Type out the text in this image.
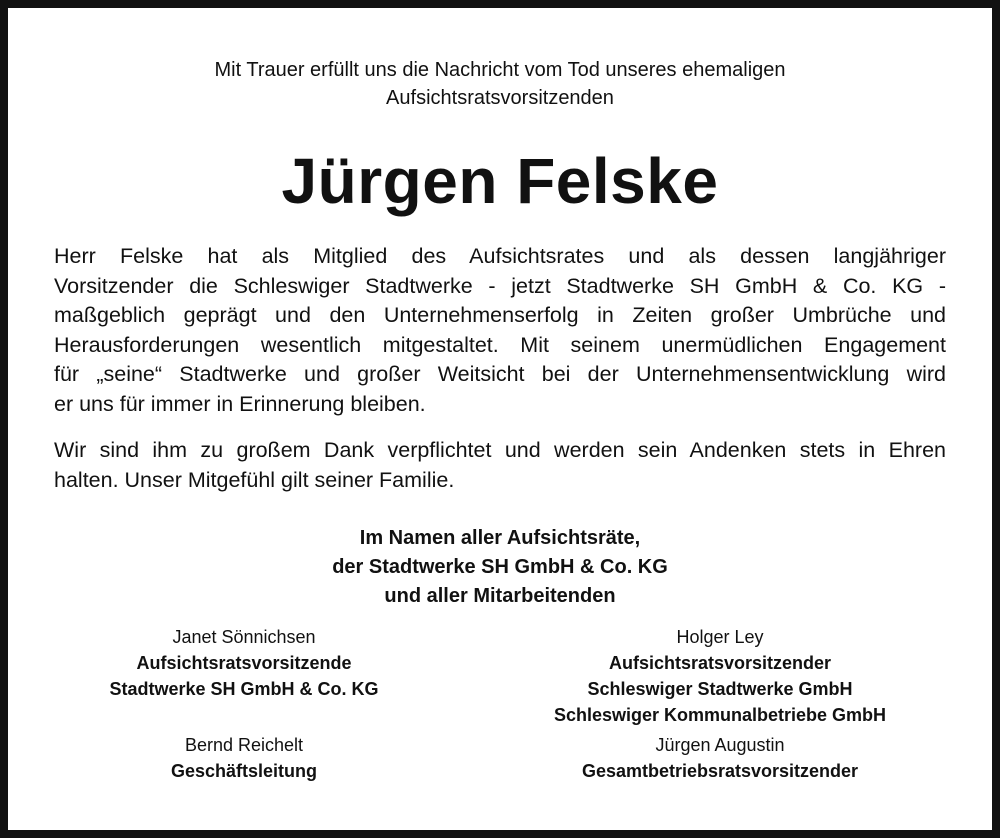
Mit Trauer erfüllt uns die Nachricht vom Tod unseres ehemaligen
Aufsichtsratsvorsitzenden
Jürgen Felske
Herr Felske hat als Mitglied des Aufsichtsrates und als dessen langjähriger
Vorsitzender die Schleswiger Stadtwerke - jetzt Stadtwerke SH GmbH & Co. KG -
maßgeblich geprägt und den Unternehmenserfolg in Zeiten großer Umbrüche und
Herausforderungen wesentlich mitgestaltet. Mit seinem unermüdlichen Engagement
für „seine“ Stadtwerke und großer Weitsicht bei der Unternehmensentwicklung wird
er uns für immer in Erinnerung bleiben.
Wir sind ihm zu großem Dank verpflichtet und werden sein Andenken stets in Ehren
halten. Unser Mitgefühl gilt seiner Familie.
Im Namen aller Aufsichtsräte,
der Stadtwerke SH GmbH & Co. KG
und aller Mitarbeitenden
Janet Sönnichsen
Aufsichtsratsvorsitzende
Stadtwerke SH GmbH & Co. KG
Holger Ley
Aufsichtsratsvorsitzender
Schleswiger Stadtwerke GmbH
Schleswiger Kommunalbetriebe GmbH
Bernd Reichelt
Geschäftsleitung
Jürgen Augustin
Gesamtbetriebsratsvorsitzender
